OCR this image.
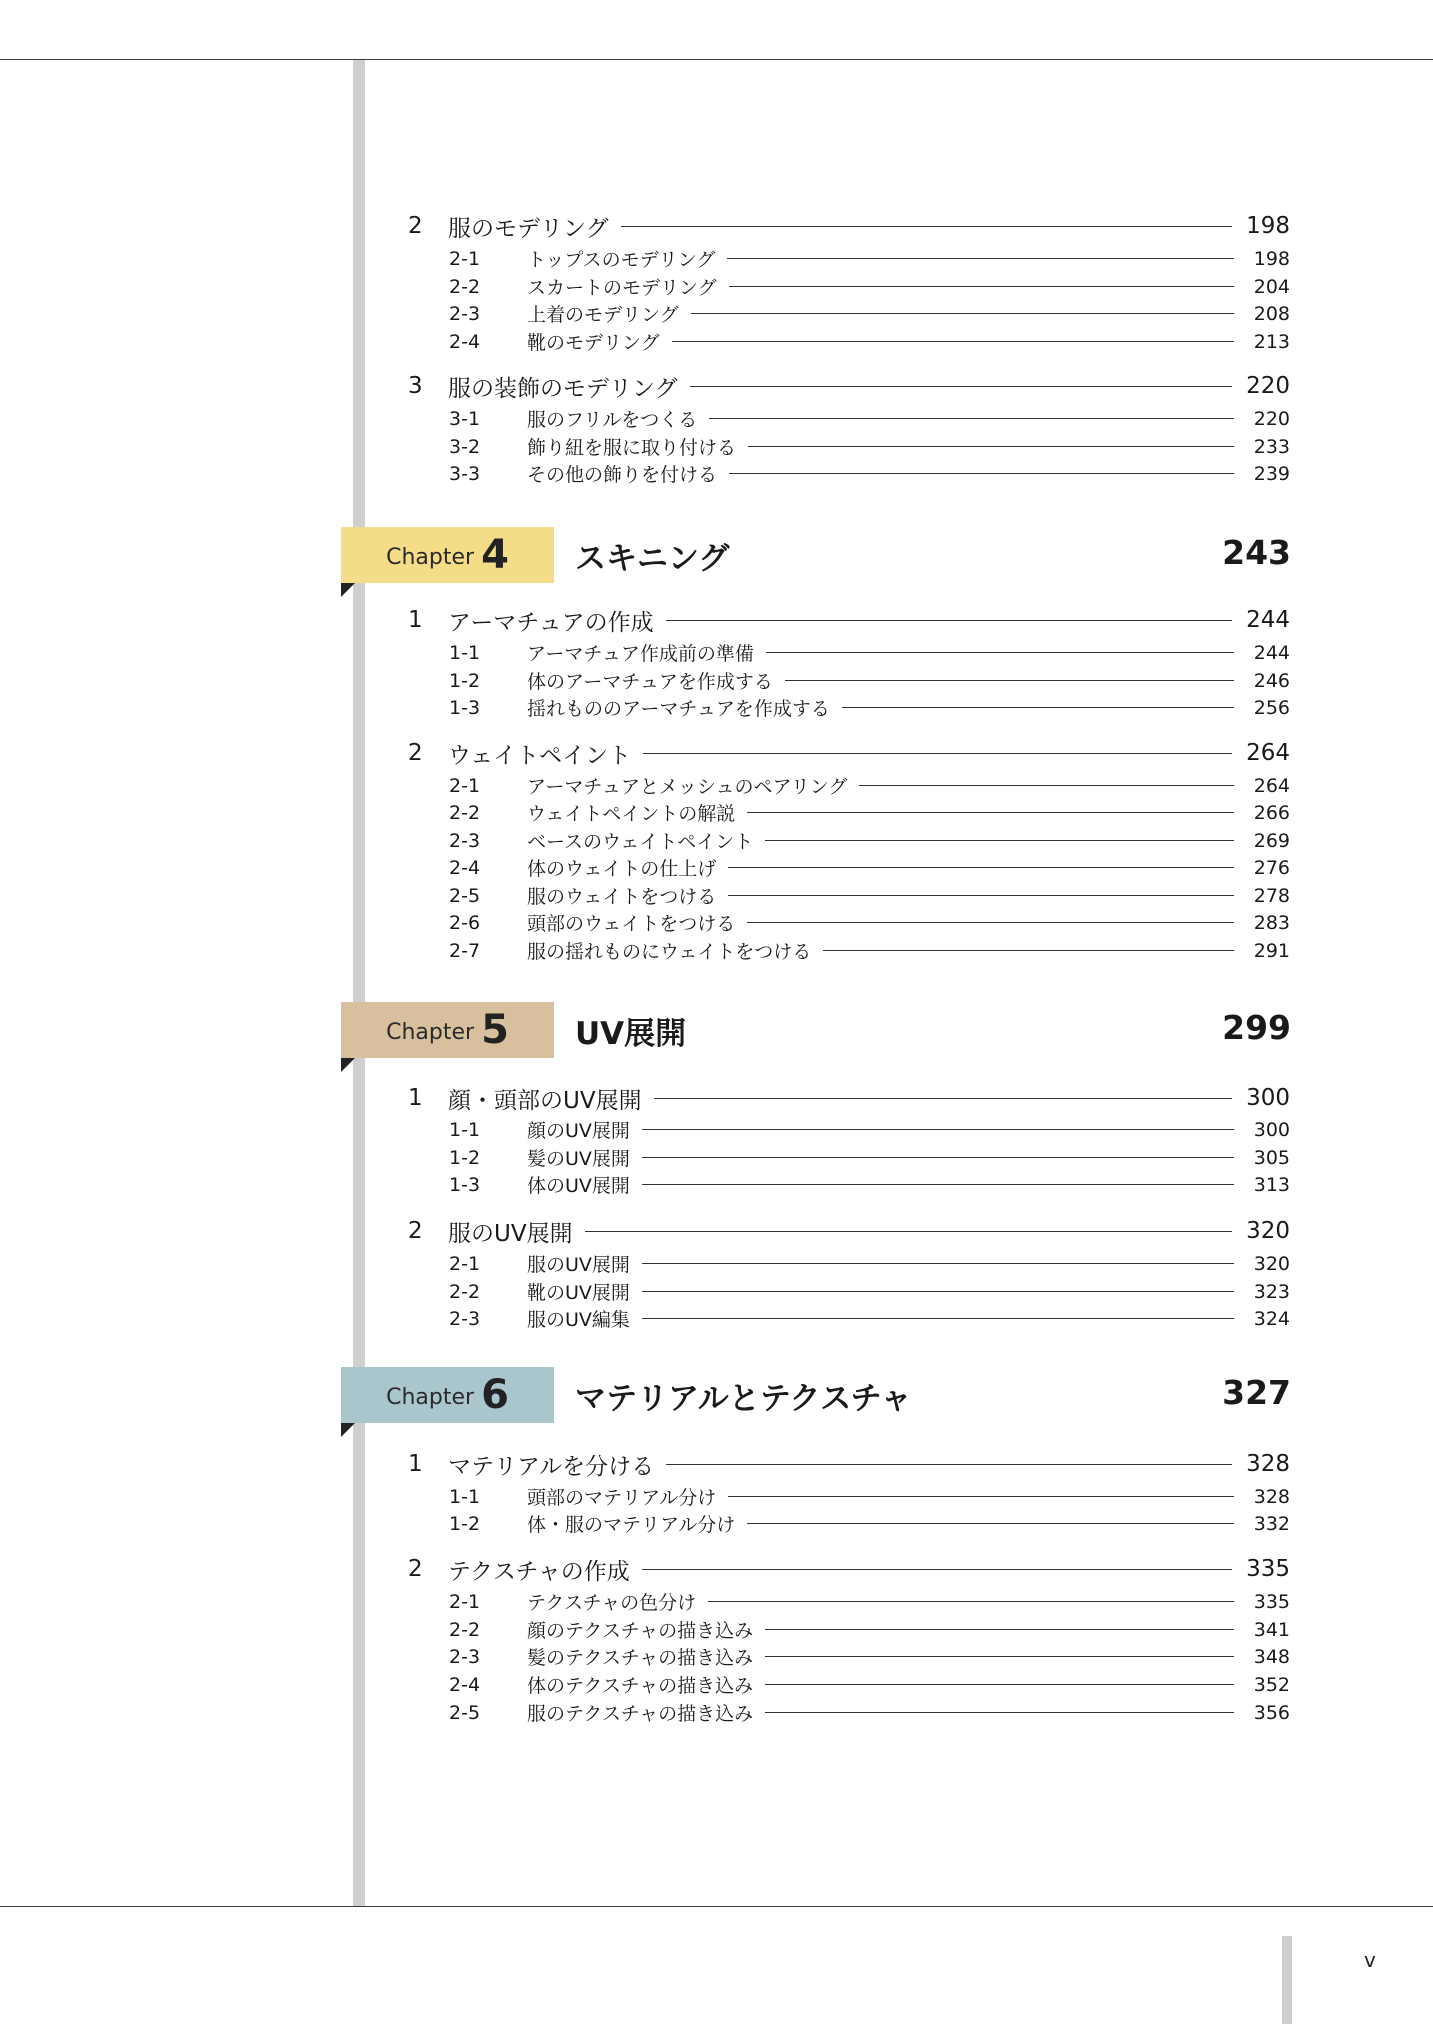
2	服のモデリング	198
2-1	トップスのモデリング	198
2-2	スカートのモデリング	204
2-3	上着のモデリング	208
2-4	靴のモデリング	213
3	服の装飾のモデリング	220
3-1	服のフリルをつくる	220
3-2	飾り紐を服に取り付ける	233
3-3	その他の飾りを付ける	239
Chapter 4 スキニング	243
1	アーマチュアの作成	244
1-1	アーマチュア作成前の準備	244
1-2	体のアーマチュアを作成する	246
1-3	揺れもののアーマチュアを作成する	256
2	ウェイトペイント	264
2-1	アーマチュアとメッシュのペアリング	264
2-2	ウェイトペイントの解説	266
2-3	ベースのウェイトペイント	269
2-4	体のウェイトの仕上げ	276
2-5	服のウェイトをつける	278
2-6	頭部のウェイトをつける	283
2-7	服の揺れものにウェイトをつける	291
Chapter 5 UV展開	299
1	顔・頭部のUV展開	300
1-1	顔のUV展開	300
1-2	髪のUV展開	305
1-3	体のUV展開	313
2	服のUV展開	320
2-1	服のUV展開	320
2-2	靴のUV展開	323
2-3	服のUV編集	324
Chapter 6 マテリアルとテクスチャ	327
1	マテリアルを分ける	328
1-1	頭部のマテリアル分け	328
1-2	体・服のマテリアル分け	332
2	テクスチャの作成	335
2-1	テクスチャの色分け	335
2-2	顔のテクスチャの描き込み	341
2-3	髪のテクスチャの描き込み	348
2-4	体のテクスチャの描き込み	352
2-5	服のテクスチャの描き込み	356
v
